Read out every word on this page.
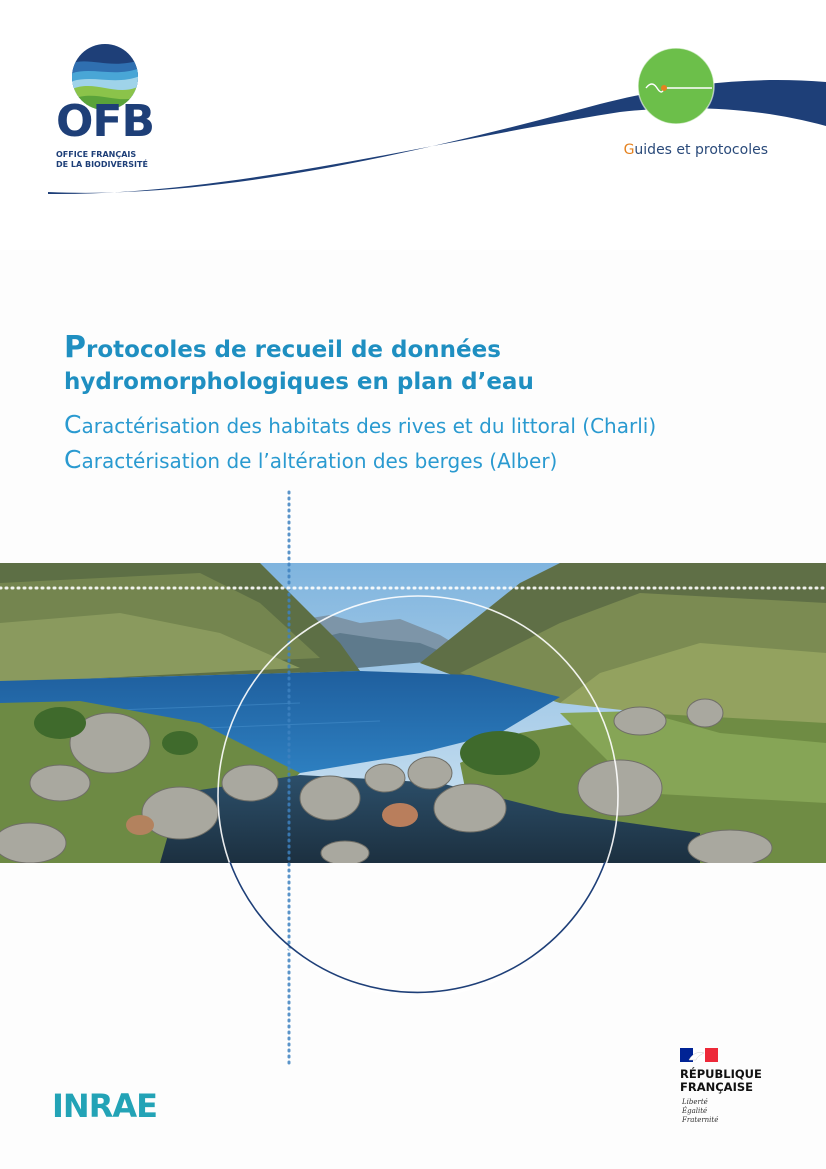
Guides et protocoles
OFB
OFFICE FRANÇAIS
DE LA BIODIVERSITÉ
Protocoles de recueil de données
hydromorphologiques en plan d’eau

Caractérisation des habitats des rives et du littoral (Charli)

Caractérisation de l’altération des berges (Alber)

INRAE
RÉPUBLIQUE
FRANÇAISE
Liberté
Égalité
Fraternité
